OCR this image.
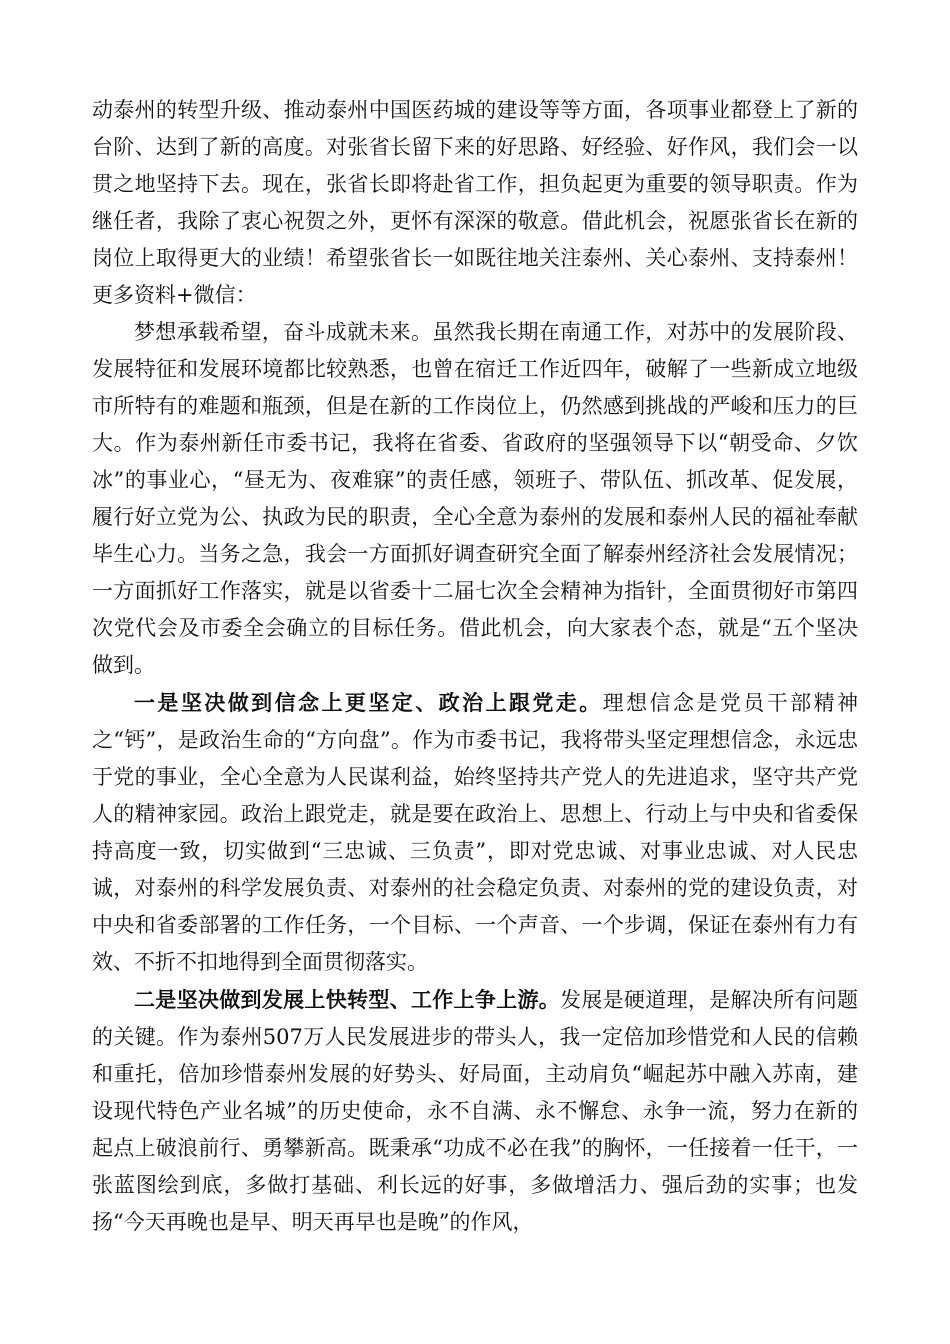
动泰州的转型升级、推动泰州中国医药城的建设等等方面，各项事业都登上了新的台阶、达到了新的高度。对张省长留下来的好思路、好经验、好作风，我们会一以贯之地坚持下去。现在，张省长即将赴省工作，担负起更为重要的领导职责。作为继任者，我除了衷心祝贺之外，更怀有深深的敬意。借此机会，祝愿张省长在新的岗位上取得更大的业绩！希望张省长一如既往地关注泰州、关心泰州、支持泰州！更多资料+微信：

梦想承载希望，奋斗成就未来。虽然我长期在南通工作，对苏中的发展阶段、发展特征和发展环境都比较熟悉，也曾在宿迁工作近四年，破解了一些新成立地级市所特有的难题和瓶颈，但是在新的工作岗位上，仍然感到挑战的严峻和压力的巨大。作为泰州新任市委书记，我将在省委、省政府的坚强领导下以“朝受命、夕饮冰”的事业心，“昼无为、夜难寐”的责任感，领班子、带队伍、抓改革、促发展，履行好立党为公、执政为民的职责，全心全意为泰州的发展和泰州人民的福祉奉献毕生心力。当务之急，我会一方面抓好调查研究全面了解泰州经济社会发展情况；一方面抓好工作落实，就是以省委十二届七次全会精神为指针，全面贯彻好市第四次党代会及市委全会确立的目标任务。借此机会，向大家表个态，就是“五个坚决做到。

一是坚决做到信念上更坚定、政治上跟党走。理想信念是党员干部精神之“钙”，是政治生命的“方向盘”。作为市委书记，我将带头坚定理想信念，永远忠于党的事业，全心全意为人民谋利益，始终坚持共产党人的先进追求，坚守共产党人的精神家园。政治上跟党走，就是要在政治上、思想上、行动上与中央和省委保持高度一致，切实做到“三忠诚、三负责”，即对党忠诚、对事业忠诚、对人民忠诚，对泰州的科学发展负责、对泰州的社会稳定负责、对泰州的党的建设负责，对中央和省委部署的工作任务，一个目标、一个声音、一个步调，保证在泰州有力有效、不折不扣地得到全面贯彻落实。

二是坚决做到发展上快转型、工作上争上游。发展是硬道理，是解决所有问题的关键。作为泰州507万人民发展进步的带头人，我一定倍加珍惜党和人民的信赖和重托，倍加珍惜泰州发展的好势头、好局面，主动肩负“崛起苏中融入苏南，建设现代特色产业名城”的历史使命，永不自满、永不懈怠、永争一流，努力在新的起点上破浪前行、勇攀新高。既秉承“功成不必在我”的胸怀，一任接着一任干，一张蓝图绘到底，多做打基础、利长远的好事，多做增活力、强后劲的实事；也发扬“今天再晚也是早、明天再早也是晚”的作风，
